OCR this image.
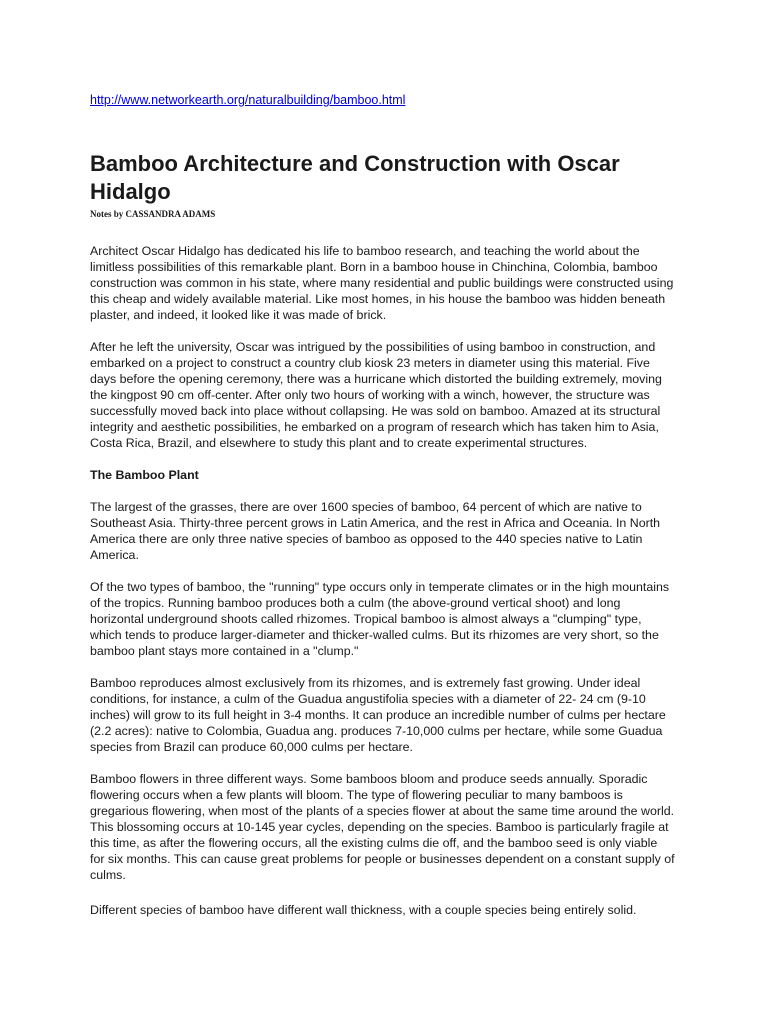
http://www.networkearth.org/naturalbuilding/bamboo.html
Bamboo Architecture and Construction with Oscar Hidalgo
Notes by CASSANDRA ADAMS

Architect Oscar Hidalgo has dedicated his life to bamboo research, and teaching the world about the limitless possibilities of this remarkable plant. Born in a bamboo house in Chinchina, Colombia, bamboo construction was common in his state, where many residential and public buildings were constructed using this cheap and widely available material. Like most homes, in his house the bamboo was hidden beneath plaster, and indeed, it looked like it was made of brick.

After he left the university, Oscar was intrigued by the possibilities of using bamboo in construction, and embarked on a project to construct a country club kiosk 23 meters in diameter using this material. Five days before the opening ceremony, there was a hurricane which distorted the building extremely, moving the kingpost 90 cm off-center. After only two hours of working with a winch, however, the structure was successfully moved back into place without collapsing. He was sold on bamboo. Amazed at its structural integrity and aesthetic possibilities, he embarked on a program of research which has taken him to Asia, Costa Rica, Brazil, and elsewhere to study this plant and to create experimental structures.

The Bamboo Plant

The largest of the grasses, there are over 1600 species of bamboo, 64 percent of which are native to Southeast Asia. Thirty-three percent grows in Latin America, and the rest in Africa and Oceania. In North America there are only three native species of bamboo as opposed to the 440 species native to Latin America.

Of the two types of bamboo, the "running" type occurs only in temperate climates or in the high mountains of the tropics. Running bamboo produces both a culm (the above-ground vertical shoot) and long horizontal underground shoots called rhizomes. Tropical bamboo is almost always a "clumping" type, which tends to produce larger-diameter and thicker-walled culms. But its rhizomes are very short, so the bamboo plant stays more contained in a "clump."

Bamboo reproduces almost exclusively from its rhizomes, and is extremely fast growing. Under ideal conditions, for instance, a culm of the Guadua angustifolia species with a diameter of 22- 24 cm (9-10 inches) will grow to its full height in 3-4 months. It can produce an incredible number of culms per hectare (2.2 acres): native to Colombia, Guadua ang. produces 7-10,000 culms per hectare, while some Guadua species from Brazil can produce 60,000 culms per hectare.

Bamboo flowers in three different ways. Some bamboos bloom and produce seeds annually. Sporadic flowering occurs when a few plants will bloom. The type of flowering peculiar to many bamboos is gregarious flowering, when most of the plants of a species flower at about the same time around the world. This blossoming occurs at 10-145 year cycles, depending on the species. Bamboo is particularly fragile at this time, as after the flowering occurs, all the existing culms die off, and the bamboo seed is only viable for six months. This can cause great problems for people or businesses dependent on a constant supply of culms.

Different species of bamboo have different wall thickness, with a couple species being entirely solid.
